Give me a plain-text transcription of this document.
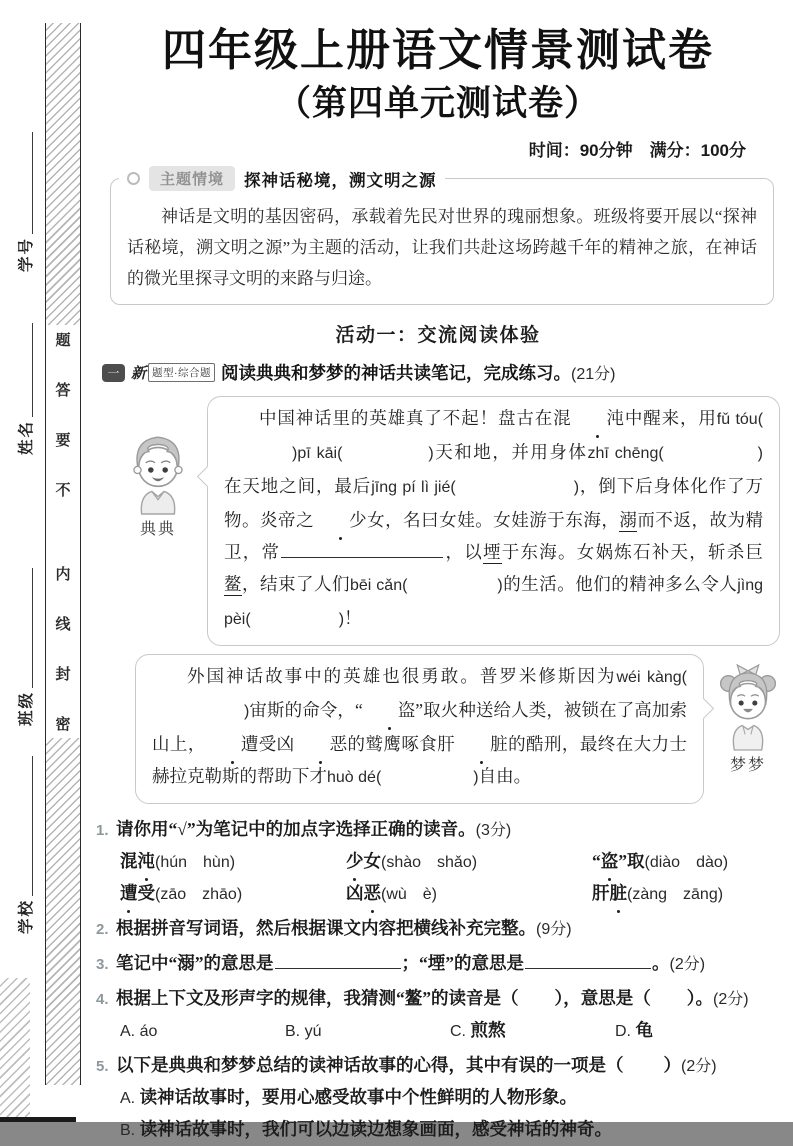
学号
姓名
班级
学校
题
答
要
不
内
线
封
密
四年级上册语文情景测试卷
（第四单元测试卷）
时间：90分钟　满分：100分
主题情境	探神话秘境，溯文明之源

神话是文明的基因密码，承载着先民对世界的瑰丽想象。班级将要开展以“探神话秘境，溯文明之源”为主题的活动，让我们共赴这场跨越千年的精神之旅，在神话的微光里探寻文明的来路与归途。

活动一：交流阅读体验
一 新 题型·综合题 阅读典典和梦梦的神话共读笔记，完成练习。(21分)
典典

中国神话里的英雄真了不起！盘古在混 沌中醒来，用fǔ tóu()pī kāi(	)天和地，并用身体zhī chēng(	)在天地之间，最后jīng pí lì jié(	)，倒下后身体化作了万物。炎帝之 少女，名曰女娃。女娃游于东海，溺而不返，故为精卫，常	，以堙于东海。女娲炼石补天，斩杀巨鳌，结束了人们bēi cǎn(	)的生活。他们的精神多么令人jìng pèi(	)！

外国神话故事中的英雄也很勇敢。普罗米修斯因为wéi kàng()宙斯的命令，“ 盗”取火种送给人类，被锁在了高加索山上， 遭受凶 恶的鹫鹰啄食肝 脏的酷刑，最终在大力士赫拉克勒斯的帮助下才huò dé(	)自由。

梦梦
1. 请你用“√”为笔记中的加点字选择正确的读音。(3分)
混沌(hún　hùn)	少女(shào　shǎo)	“盗”取(diào　dào)
遭受(zāo　zhāo)	凶恶(wù　è)	肝脏(zàng　zāng)
2. 根据拼音写词语，然后根据课文内容把横线补充完整。(9分)
3. 笔记中“溺”的意思是	；“堙”的意思是	。(2分)
4. 根据上下文及形声字的规律，我猜测“鳌”的读音是（ ），意思是（ ）。(2分)
A. áo	B. yú	C. 煎熬	D. 龟
5. 以下是典典和梦梦总结的读神话故事的心得，其中有误的一项是（ ）(2分)
A. 读神话故事时，要用心感受故事中个性鲜明的人物形象。
B. 读神话故事时，我们可以边读边想象画面，感受神话的神奇。
